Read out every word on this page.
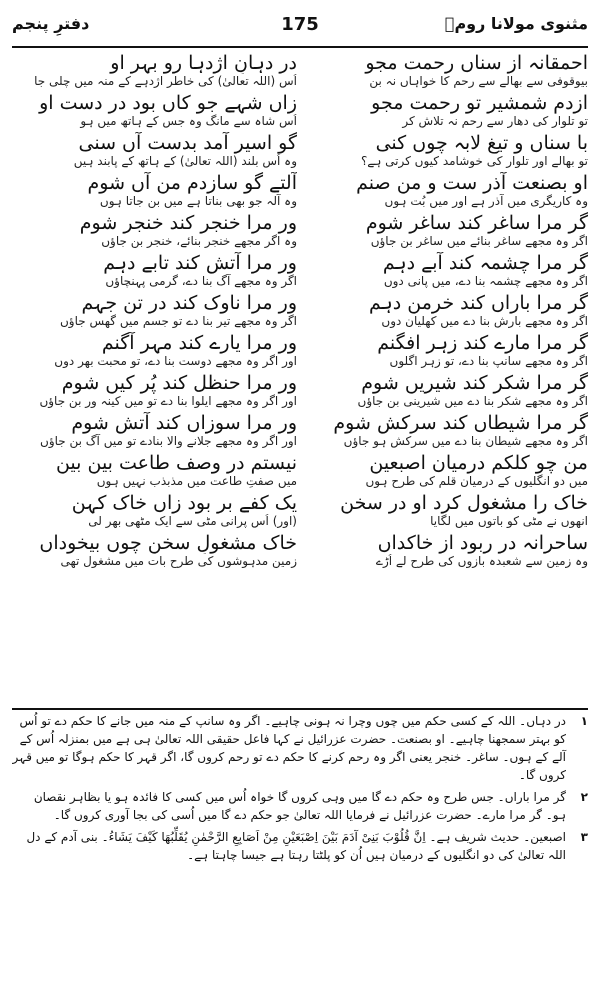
مثنوی مولانا رومؒ
175
دفترِ پنجم
احمقانہ از سناں رحمت مجو
بیوقوفی سے بھالے سے رحم کا خواہاں نہ بن
ازدم شمشیر تو رحمت مجو
تو تلوار کی دھار سے رحم نہ تلاش کر
با سناں و تیغ لابہ چوں کنی
تو بھالے اور تلوار کی خوشامد کیوں کرتی ہے؟
او بصنعت آذر ست و من صنم
وہ کاریگری میں آذر ہے اور میں بُت ہوں
گر مرا ساغر کند ساغر شوم
اگر وہ مجھے ساغر بنائے میں ساغر بن جاؤں
گر مرا چشمہ کند آبے دہم
اگر وہ مجھے چشمہ بنا دے، میں پانی دوں
گر مرا باراں کند خرمن دہم
اگر وہ مجھے بارش بنا دے میں کھلیان دوں
گر مرا مارے کند زہر افگنم
اگر وہ مجھے سانپ بنا دے، تو زہر اگلوں
گر مرا شکر کند شیریں شوم
اگر وہ مجھے شکر بنا دے میں شیرینی بن جاؤں
گر مرا شیطاں کند سرکش شوم
اگر وہ مجھے شیطان بنا دے میں سرکش ہو جاؤں
من چو کلکم درمیان اصبعین
میں دو انگلیوں کے درمیان قلم کی طرح ہوں
خاک را مشغول کرد او در سخن
انھوں نے مٹی کو باتوں میں لگایا
ساحرانہ در ربود از خاکداں
وہ زمین سے شعبدہ بازوں کی طرح لے اُڑے
در دہانِ اژدہا رو بہر او
اُس (اللہ تعالیٰ) کی خاطر اژدہے کے منہ میں چلی جا
زاں شہے جو کاں بود در دست او
اُس شاہ سے مانگ وہ جس کے ہاتھ میں ہو
گو اسیر آمد بدست آں سنی
وہ اُس بلند (اللہ تعالیٰ) کے ہاتھ کے پابند ہیں
آلتے گو سازدم من آں شوم
وہ آلہ جو بھی بناتا ہے میں بن جاتا ہوں
ور مرا خنجر کند خنجر شوم
وہ اگر مجھے خنجر بنائے، خنجر بن جاؤں
ور مرا آتش کند تابے دہم
اگر وہ مجھے آگ بنا دے، گرمی پہنچاؤں
ور مرا ناوک کند در تن جہم
اگر وہ مجھے تیر بنا دے تو جسم میں گھس جاؤں
ور مرا یارے کند مہر آگنم
اور اگر وہ مجھے دوست بنا دے، تو محبت بھر دوں
ور مرا حنظل کند پُر کیں شوم
اور اگر وہ مجھے ایلوا بنا دے تو میں کینہ ور بن جاؤں
ور مرا سوزاں کند آتش شوم
اور اگر وہ مجھے جلانے والا بنادے تو میں آگ بن جاؤں
نیستم در وصف طاعت بین بین
میں صفتِ طاعت میں مذبذب نہیں ہوں
یک کفے بر بود زاں خاک کہن
(اور) اُس پرانی مٹی سے ایک مٹھی بھر لی
خاک مشغولِ سخن چوں بیخوداں
زمین مدہوشوں کی طرح بات میں مشغول تھی
۱
در دہاں۔ اللہ کے کسی حکم میں چوں وچرا نہ ہونی چاہیے۔ اگر وہ سانپ کے منہ میں جانے کا حکم دے تو اُس کو بہتر سمجھنا چاہیے۔ او بصنعت۔ حضرت عزرائیل نے کہا فاعل حقیقی اللہ تعالیٰ ہی ہے میں بمنزلہ اُس کے آلے کے ہوں۔ ساغر۔ خنجر یعنی اگر وہ رحم کرنے کا حکم دے تو رحم کروں گا، اگر قہر کا حکم ہوگا تو میں قہر کروں گا۔
۲
گر مرا باراں۔ جس طرح وہ حکم دے گا میں وہی کروں گا خواہ اُس میں کسی کا فائدہ ہو یا بظاہر نقصان ہو۔ گر مرا مارے۔ حضرت عزرائیل نے فرمایا اللہ تعالیٰ جو حکم دے گا میں اُسی کی بجا آوری کروں گا۔
۳
اصبعین۔ حدیث شریف ہے۔ اِنَّ قُلُوْبَ بَنِیْ آدَمَ بَیْنَ اِصْبَعَیْنِ مِنْ اَصَابِعِ الرَّحْمٰنِ یُقَلِّبُھَا کَیْفَ یَشَاءُ۔ بنی آدم کے دل اللہ تعالیٰ کی دو انگلیوں کے درمیان ہیں اُن کو پلٹتا رہتا ہے جیسا چاہتا ہے۔
